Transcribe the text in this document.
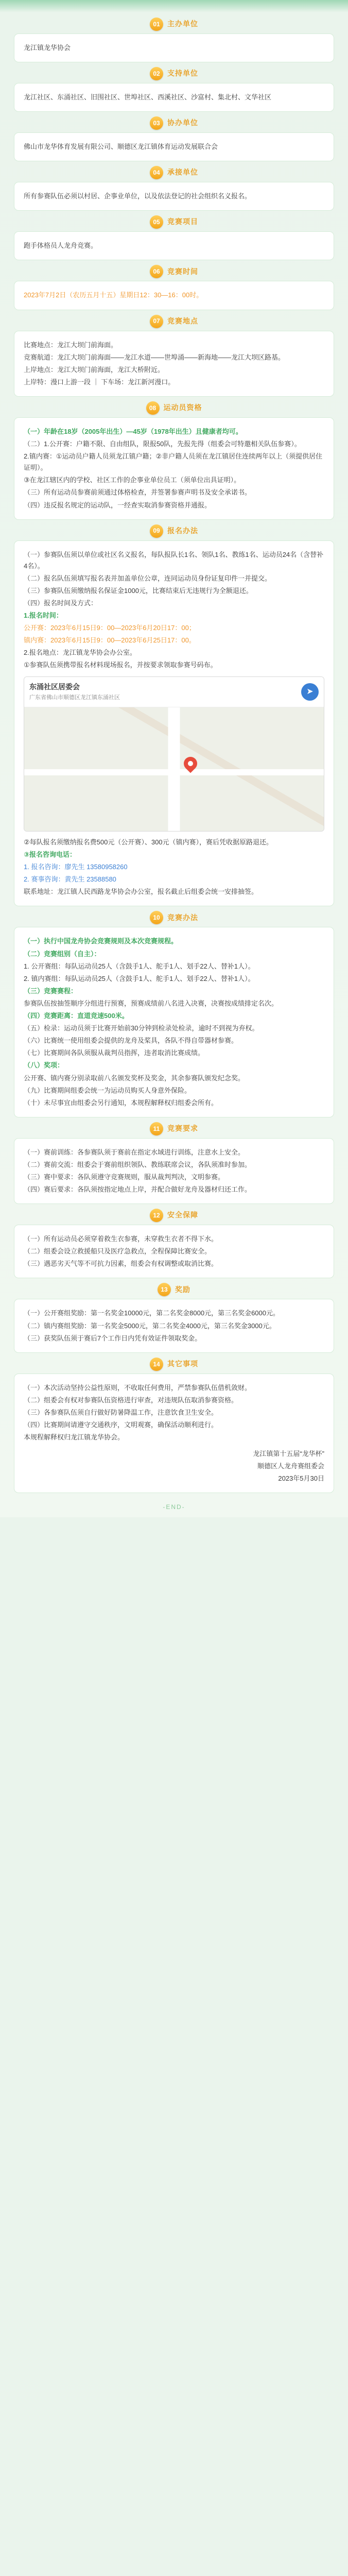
01	主办单位

龙江镇龙华协会

02	支持单位

龙江社区、东涌社区、旧围社区、世埠社区、西溪社区、沙富村、集北村、文华社区

03	协办单位

佛山市龙华体育发展有限公司、顺德区龙江镇体育运动发展联合会

04	承接单位

所有参赛队伍必须以村居、企事业单位，以及依法登记的社会组织名义报名。

05	竞赛项目

跑手体格员人龙舟竞赛。

06	竞赛时间

2023年7月2日（农历五月十五）星期日12：30—16：00时。

07	竞赛地点

比赛地点：龙江大坝门前海面。

竞赛航道：龙江大坝门前海面——龙江水道——世埠涌——新海地——龙江大坝区路基。

上岸地点：龙江大坝门前海面，龙江大桥附近。

上岸特：漫口上游一段 ｜ 下车场：龙江新河漫口。

08	运动员资格

（一）年龄在18岁（2005年出生）—45岁（1978年出生）且健康者均可。

（二）1.公开赛：户籍不限、自由组队，限报50队，先报先得（组委会可特邀相关队伍参赛）。

2.镇内赛：①运动员户籍人员须龙江镇户籍；②非户籍人员须在龙江镇居住连续两年以上（须提供居住证明）。

③在龙江辖区内的学校、社区工作的企事业单位员工（须单位出具证明）。

（三）所有运动员参赛前须通过体格检查，并签署参赛声明书及安全承诺书。

（四）违反报名规定的运动队，一经查实取消参赛资格并通报。

09	报名办法

（一）参赛队伍须以单位或社区名义报名，每队报队长1名、领队1名、教练1名、运动员24名（含替补4名）。

（二）报名队伍须填写报名表并加盖单位公章，连同运动员身份证复印件一并提交。

（三）参赛队伍须缴纳报名保证金1000元，比赛结束后无违规行为全额退还。

（四）报名时间及方式：

1.报名时间：

公开赛：2023年6月15日9：00—2023年6月20日17：00；

镇内赛：2023年6月15日9：00—2023年6月25日17：00。

2.报名地点：龙江镇龙华协会办公室。

①参赛队伍须携带报名材料现场报名，并按要求领取参赛号码布。

东涌社区居委会
广东省佛山市顺德区龙江镇东涌社区
➤

②每队报名须缴纳报名费500元（公开赛）、300元（镇内赛），赛后凭收据原路退还。

③报名咨询电话：

1. 报名咨询：廖先生 13580958260

2. 赛事咨询：黄先生 23588580

联系地址：龙江镇人民西路龙华协会办公室，报名截止后组委会统一安排抽签。

10	竞赛办法

（一）执行中国龙舟协会竞赛规则及本次竞赛规程。

（二）竞赛组别（自主）：

1. 公开赛组：每队运动员25人（含鼓手1人、舵手1人、划手22人、替补1人）。

2. 镇内赛组：每队运动员25人（含鼓手1人、舵手1人、划手22人、替补1人）。

（三）竞赛赛程：

参赛队伍按抽签顺序分组进行预赛，预赛成绩前八名进入决赛，决赛按成绩排定名次。

（四）竞赛距离：直道竞速500米。

（五）检录：运动员须于比赛开始前30分钟到检录处检录，逾时不到视为弃权。

（六）比赛统一使用组委会提供的龙舟及桨具，各队不得自带器材参赛。

（七）比赛期间各队须服从裁判员指挥，违者取消比赛成绩。

（八）奖项：

公开赛、镇内赛分别录取前八名颁发奖杯及奖金，其余参赛队颁发纪念奖。

（九）比赛期间组委会统一为运动员购买人身意外保险。

（十）未尽事宜由组委会另行通知，本规程解释权归组委会所有。

11	竞赛要求

（一）赛前训练：各参赛队须于赛前在指定水域进行训练，注意水上安全。

（二）赛前交流：组委会于赛前组织领队、教练联席会议，各队须准时参加。

（三）赛中要求：各队须遵守竞赛规则，服从裁判判决，文明参赛。

（四）赛后要求：各队须按指定地点上岸，并配合做好龙舟及器材归还工作。

12	安全保障

（一）所有运动员必须穿着救生衣参赛，未穿救生衣者不得下水。

（二）组委会设立救援船只及医疗急救点，全程保障比赛安全。

（三）遇恶劣天气等不可抗力因素，组委会有权调整或取消比赛。

13	奖励

（一）公开赛组奖励：第一名奖金10000元，第二名奖金8000元，第三名奖金6000元。

（二）镇内赛组奖励：第一名奖金5000元，第二名奖金4000元，第三名奖金3000元。

（三）获奖队伍须于赛后7个工作日内凭有效证件领取奖金。

14	其它事项

（一）本次活动坚持公益性原则，不收取任何费用，严禁参赛队伍借机敛财。

（二）组委会有权对参赛队伍资格进行审查，对违规队伍取消参赛资格。

（三）各参赛队伍须自行做好防暑降温工作，注意饮食卫生安全。

（四）比赛期间请遵守交通秩序，文明观赛，确保活动顺利进行。

本规程解释权归龙江镇龙华协会。

龙江镇第十五届“龙华杯”

顺德区人龙舟赛组委会

2023年5月30日

-END-
